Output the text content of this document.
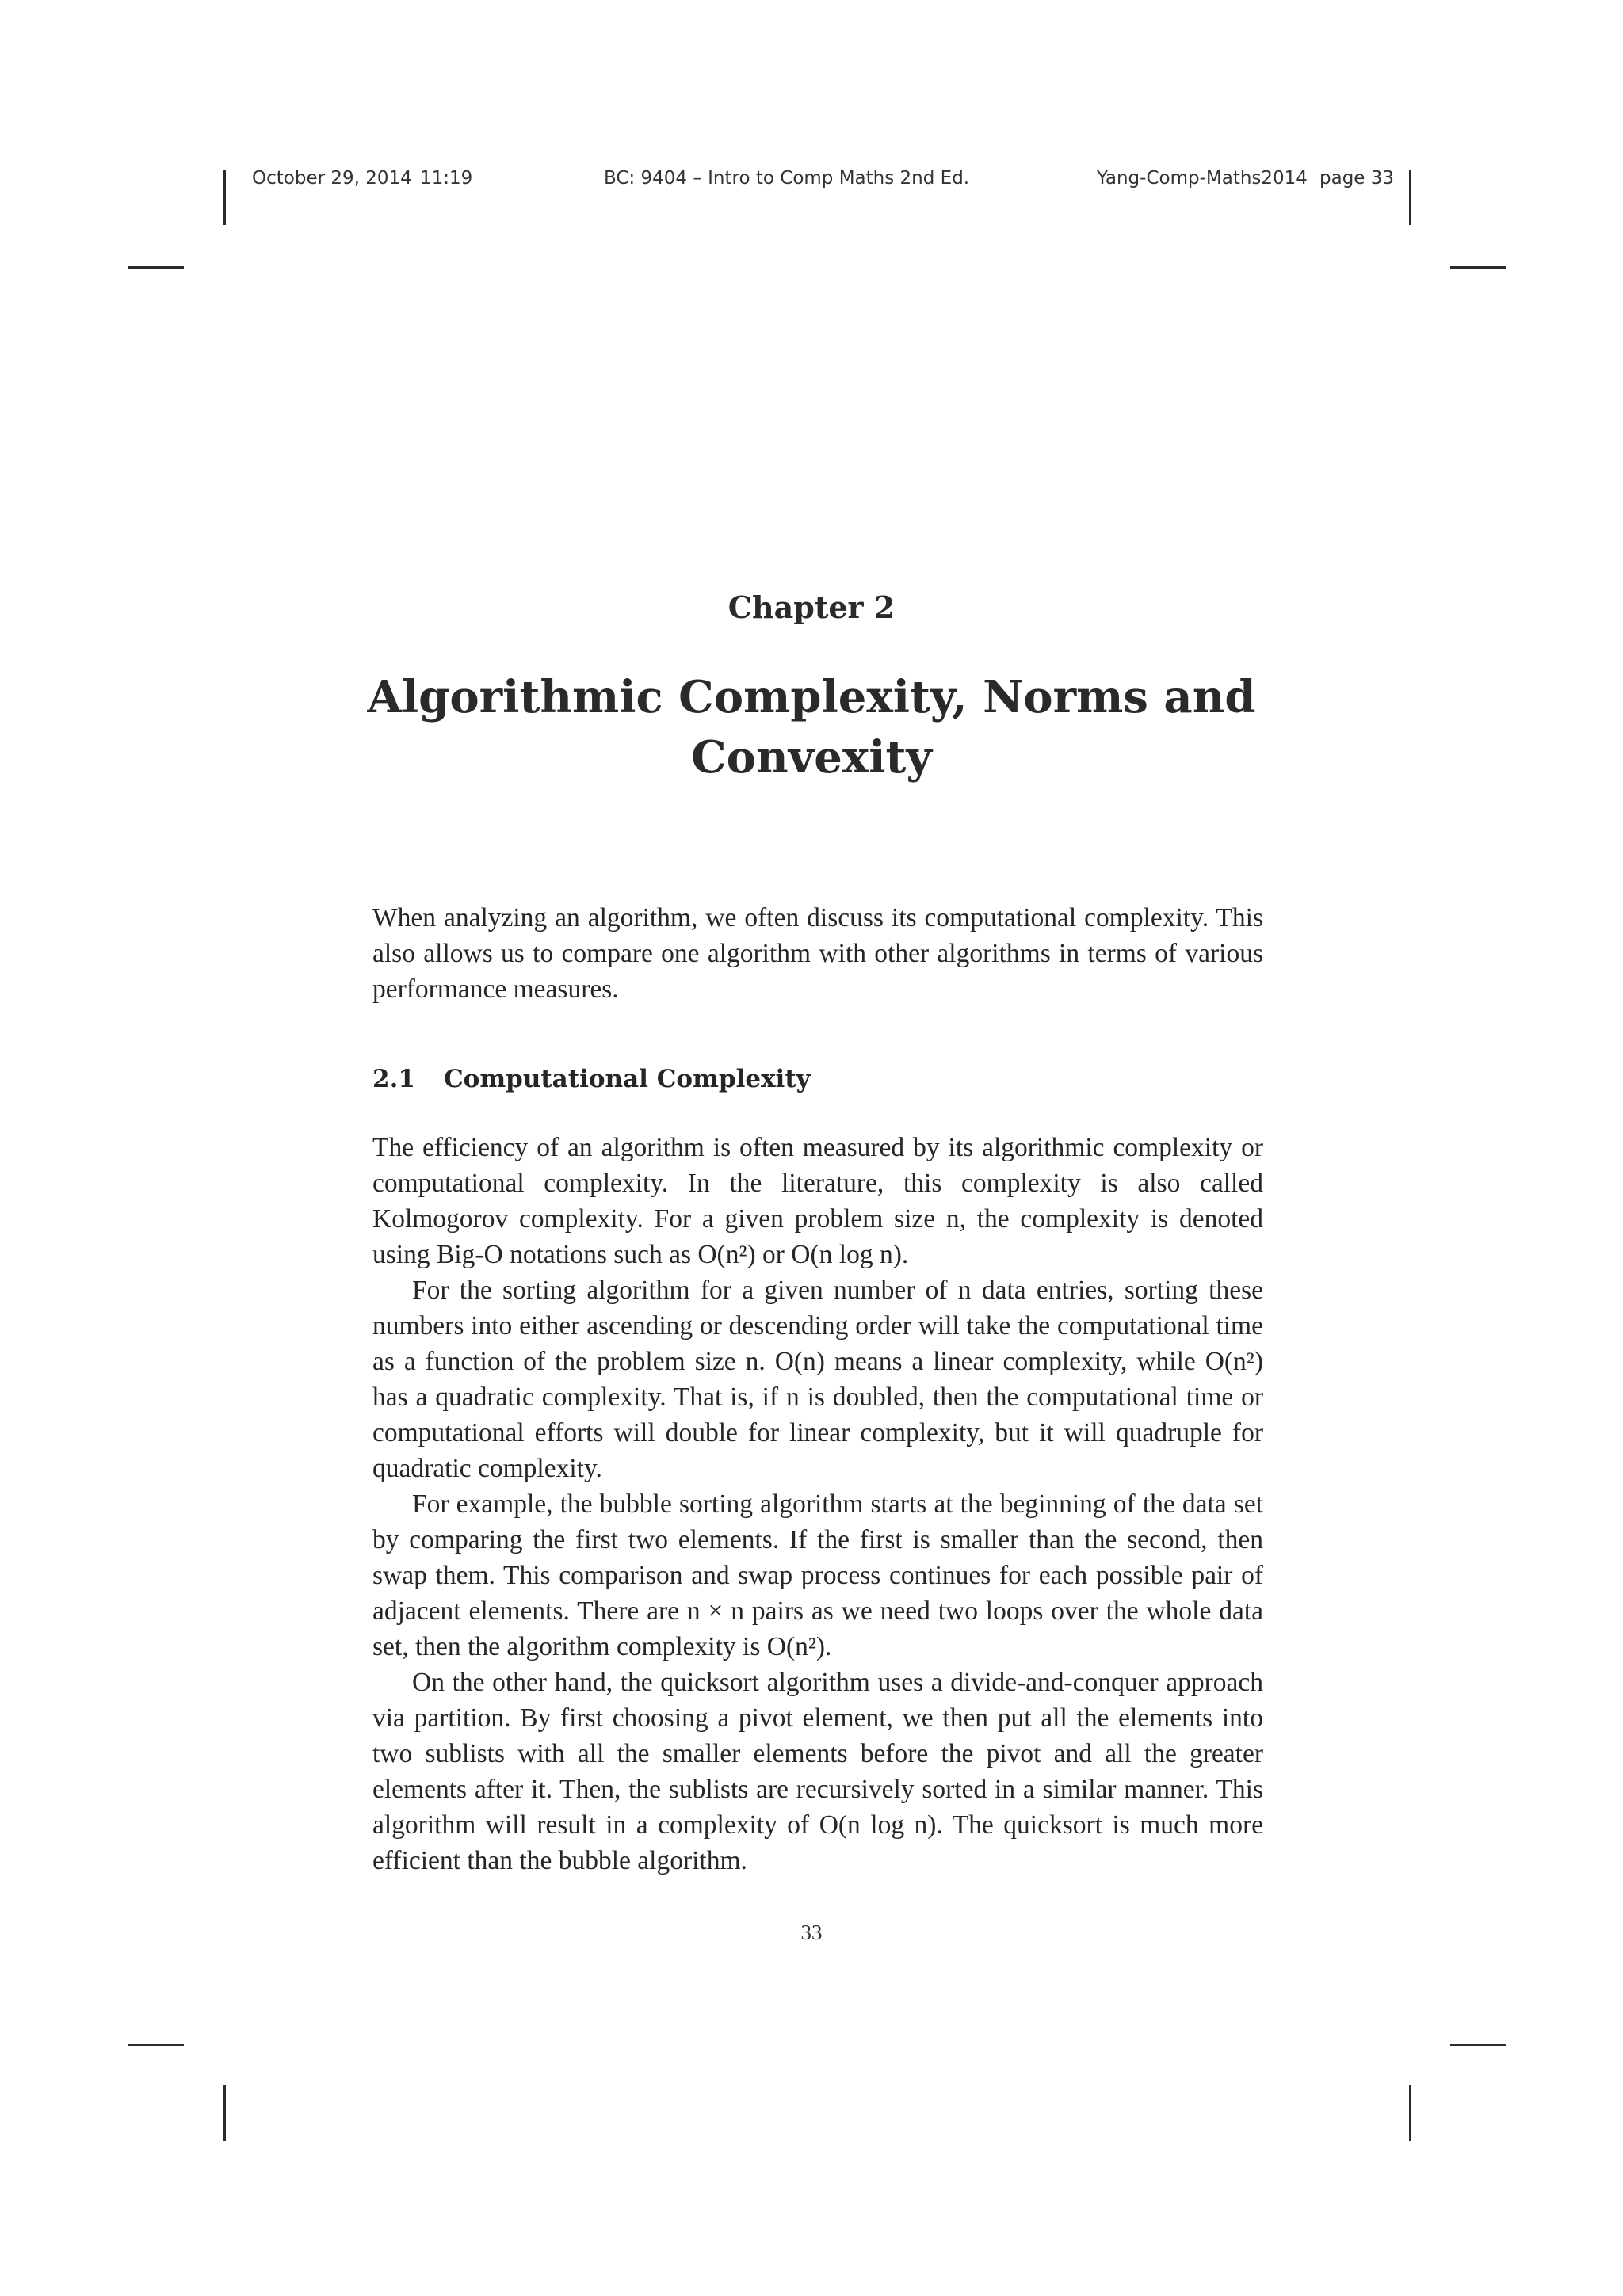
October 29, 2014 11:19	BC: 9404 – Intro to Comp Maths 2nd Ed.	Yang-Comp-Maths2014 page 33
Chapter 2
Algorithmic Complexity, Norms and
Convexity

When analyzing an algorithm, we often discuss its computational complexity. This also allows us to compare one algorithm with other algorithms in terms of various performance measures.

2.1 Computational Complexity

The efficiency of an algorithm is often measured by its algorithmic complexity or computational complexity. In the literature, this complexity is also called Kolmogorov complexity. For a given problem size n, the complexity is denoted using Big-O notations such as O(n²) or O(n log n).

For the sorting algorithm for a given number of n data entries, sorting these numbers into either ascending or descending order will take the computational time as a function of the problem size n. O(n) means a linear complexity, while O(n²) has a quadratic complexity. That is, if n is doubled, then the computational time or computational efforts will double for linear complexity, but it will quadruple for quadratic complexity.

For example, the bubble sorting algorithm starts at the beginning of the data set by comparing the first two elements. If the first is smaller than the second, then swap them. This comparison and swap process continues for each possible pair of adjacent elements. There are n × n pairs as we need two loops over the whole data set, then the algorithm complexity is O(n²).

On the other hand, the quicksort algorithm uses a divide-and-conquer approach via partition. By first choosing a pivot element, we then put all the elements into two sublists with all the smaller elements before the pivot and all the greater elements after it. Then, the sublists are recursively sorted in a similar manner. This algorithm will result in a complexity of O(n log n). The quicksort is much more efficient than the bubble algorithm.

33
